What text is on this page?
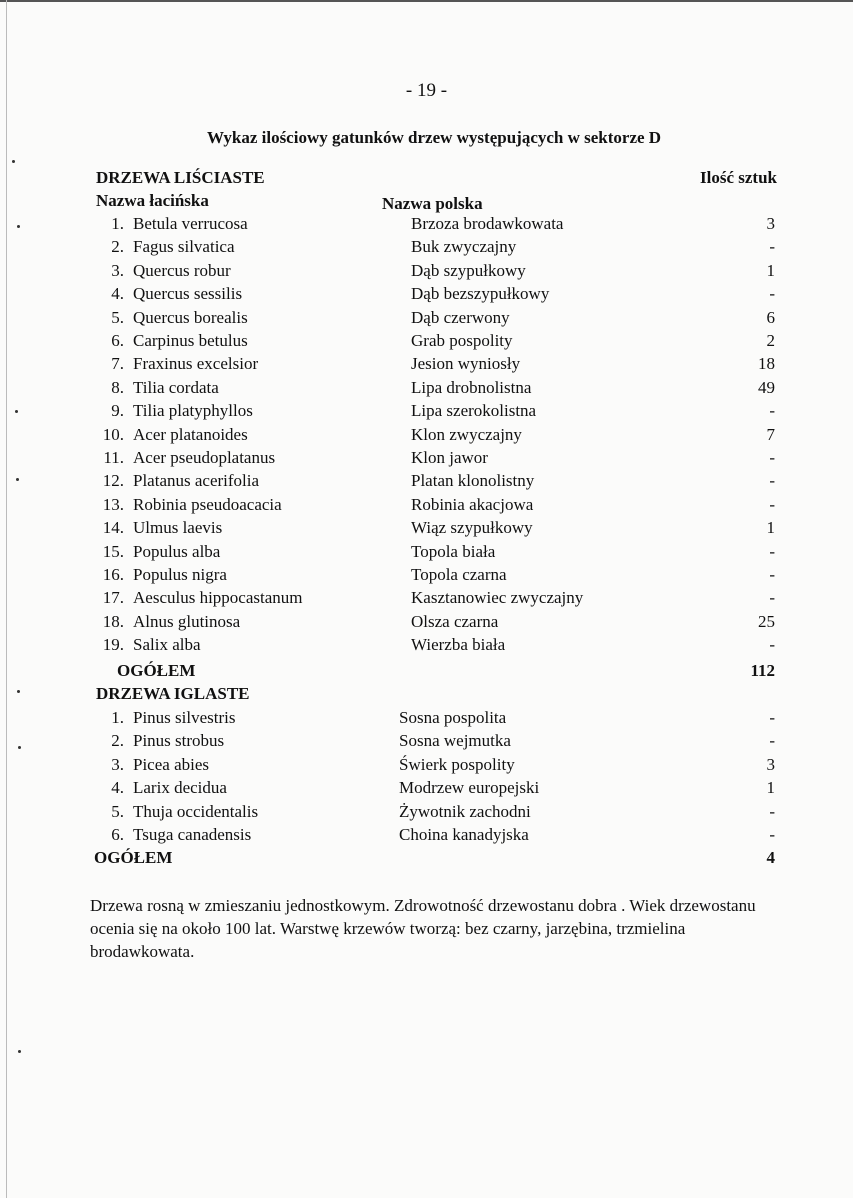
- 19 -
Wykaz ilościowy gatunków drzew występujących w sektorze D
DRZEWA LIŚCIASTE	Ilość sztuk
Nazwa łacińska	Nazwa polska
1. Betula verrucosa	Brzoza brodawkowata	3
2. Fagus silvatica	Buk zwyczajny	-
3. Quercus robur	Dąb szypułkowy	1
4. Quercus sessilis	Dąb bezszypułkowy	-
5. Quercus borealis	Dąb czerwony	6
6. Carpinus betulus	Grab pospolity	2
7. Fraxinus excelsior	Jesion wyniosły	18
8. Tilia cordata	Lipa drobnolistna	49
9. Tilia platyphyllos	Lipa szerokolistna	-
10. Acer platanoides	Klon zwyczajny	7
11. Acer pseudoplatanus	Klon jawor	-
12. Platanus acerifolia	Platan klonolistny	-
13. Robinia pseudoacacia	Robinia akacjowa	-
14. Ulmus laevis	Wiąz szypułkowy	1
15. Populus alba	Topola biała	-
16. Populus nigra	Topola czarna	-
17. Aesculus hippocastanum	Kasztanowiec zwyczajny	-
18. Alnus glutinosa	Olsza czarna	25
19. Salix alba	Wierzba biała	-
OGÓŁEM	112
DRZEWA IGLASTE
1. Pinus silvestris	Sosna pospolita	-
2. Pinus strobus	Sosna wejmutka	-
3. Picea abies	Świerk pospolity	3
4. Larix decidua	Modrzew europejski	1
5. Thuja occidentalis	Żywotnik zachodni	-
6. Tsuga canadensis	Choina kanadyjska	-
OGÓŁEM	4
Drzewa rosną w zmieszaniu jednostkowym. Zdrowotność drzewostanu dobra . Wiek drzewostanu ocenia się na około 100 lat. Warstwę krzewów tworzą: bez czarny, jarzębina, trzmielina brodawkowata.
